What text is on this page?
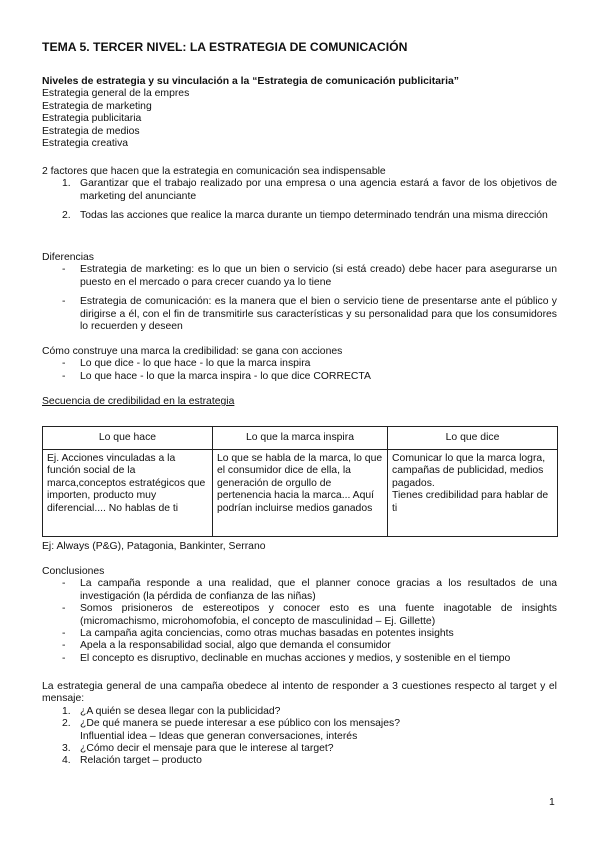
TEMA 5. TERCER NIVEL: LA ESTRATEGIA DE COMUNICACIÓN
Niveles de estrategia y su vinculación a la “Estrategia de comunicación publicitaria”
Estrategia general de la empres
Estrategia de marketing
Estrategia publicitaria
Estrategia de medios
Estrategia creativa
2 factores que hacen que la estrategia en comunicación sea indispensable
1. Garantizar que el trabajo realizado por una empresa o una agencia estará a favor de los objetivos de marketing del anunciante
2. Todas las acciones que realice la marca durante un tiempo determinado tendrán una misma dirección
Diferencias
- Estrategia de marketing: es lo que un bien o servicio (si está creado) debe hacer para asegurarse un puesto en el mercado o para crecer cuando ya lo tiene
- Estrategia de comunicación: es la manera que el bien o servicio tiene de presentarse ante el público y dirigirse a él, con el fin de transmitirle sus características y su personalidad para que los consumidores lo recuerden y deseen
Cómo construye una marca la credibilidad: se gana con acciones
- Lo que dice - lo que hace - lo que la marca inspira
- Lo que hace - lo que la marca inspira - lo que dice CORRECTA
Secuencia de credibilidad en la estrategia
Lo que hace	Lo que la marca inspira	Lo que dice
Ej. Acciones vinculadas a la función social de la marca,conceptos estratégicos que importen, producto muy diferencial.... No hablas de ti	Lo que se habla de la marca, lo que el consumidor dice de ella, la generación de orgullo de pertenencia hacia la marca... Aquí podrían incluirse medios ganados	Comunicar lo que la marca logra, campañas de publicidad, medios pagados.
Tienes credibilidad para hablar de ti
Ej: Always (P&G), Patagonia, Bankinter, Serrano
Conclusiones
- La campaña responde a una realidad, que el planner conoce gracias a los resultados de una investigación (la pérdida de confianza de las niñas)
- Somos prisioneros de estereotipos y conocer esto es una fuente inagotable de insights (micromachismo, microhomofobia, el concepto de masculinidad – Ej. Gillette)
- La campaña agita conciencias, como otras muchas basadas en potentes insights
- Apela a la responsabilidad social, algo que demanda el consumidor
- El concepto es disruptivo, declinable en muchas acciones y medios, y sostenible en el tiempo
La estrategia general de una campaña obedece al intento de responder a 3 cuestiones respecto al target y el mensaje:
1. ¿A quién se desea llegar con la publicidad?
2. ¿De qué manera se puede interesar a ese público con los mensajes?
Influential idea – Ideas que generan conversaciones, interés
3. ¿Cómo decir el mensaje para que le interese al target?
4. Relación target – producto
1
